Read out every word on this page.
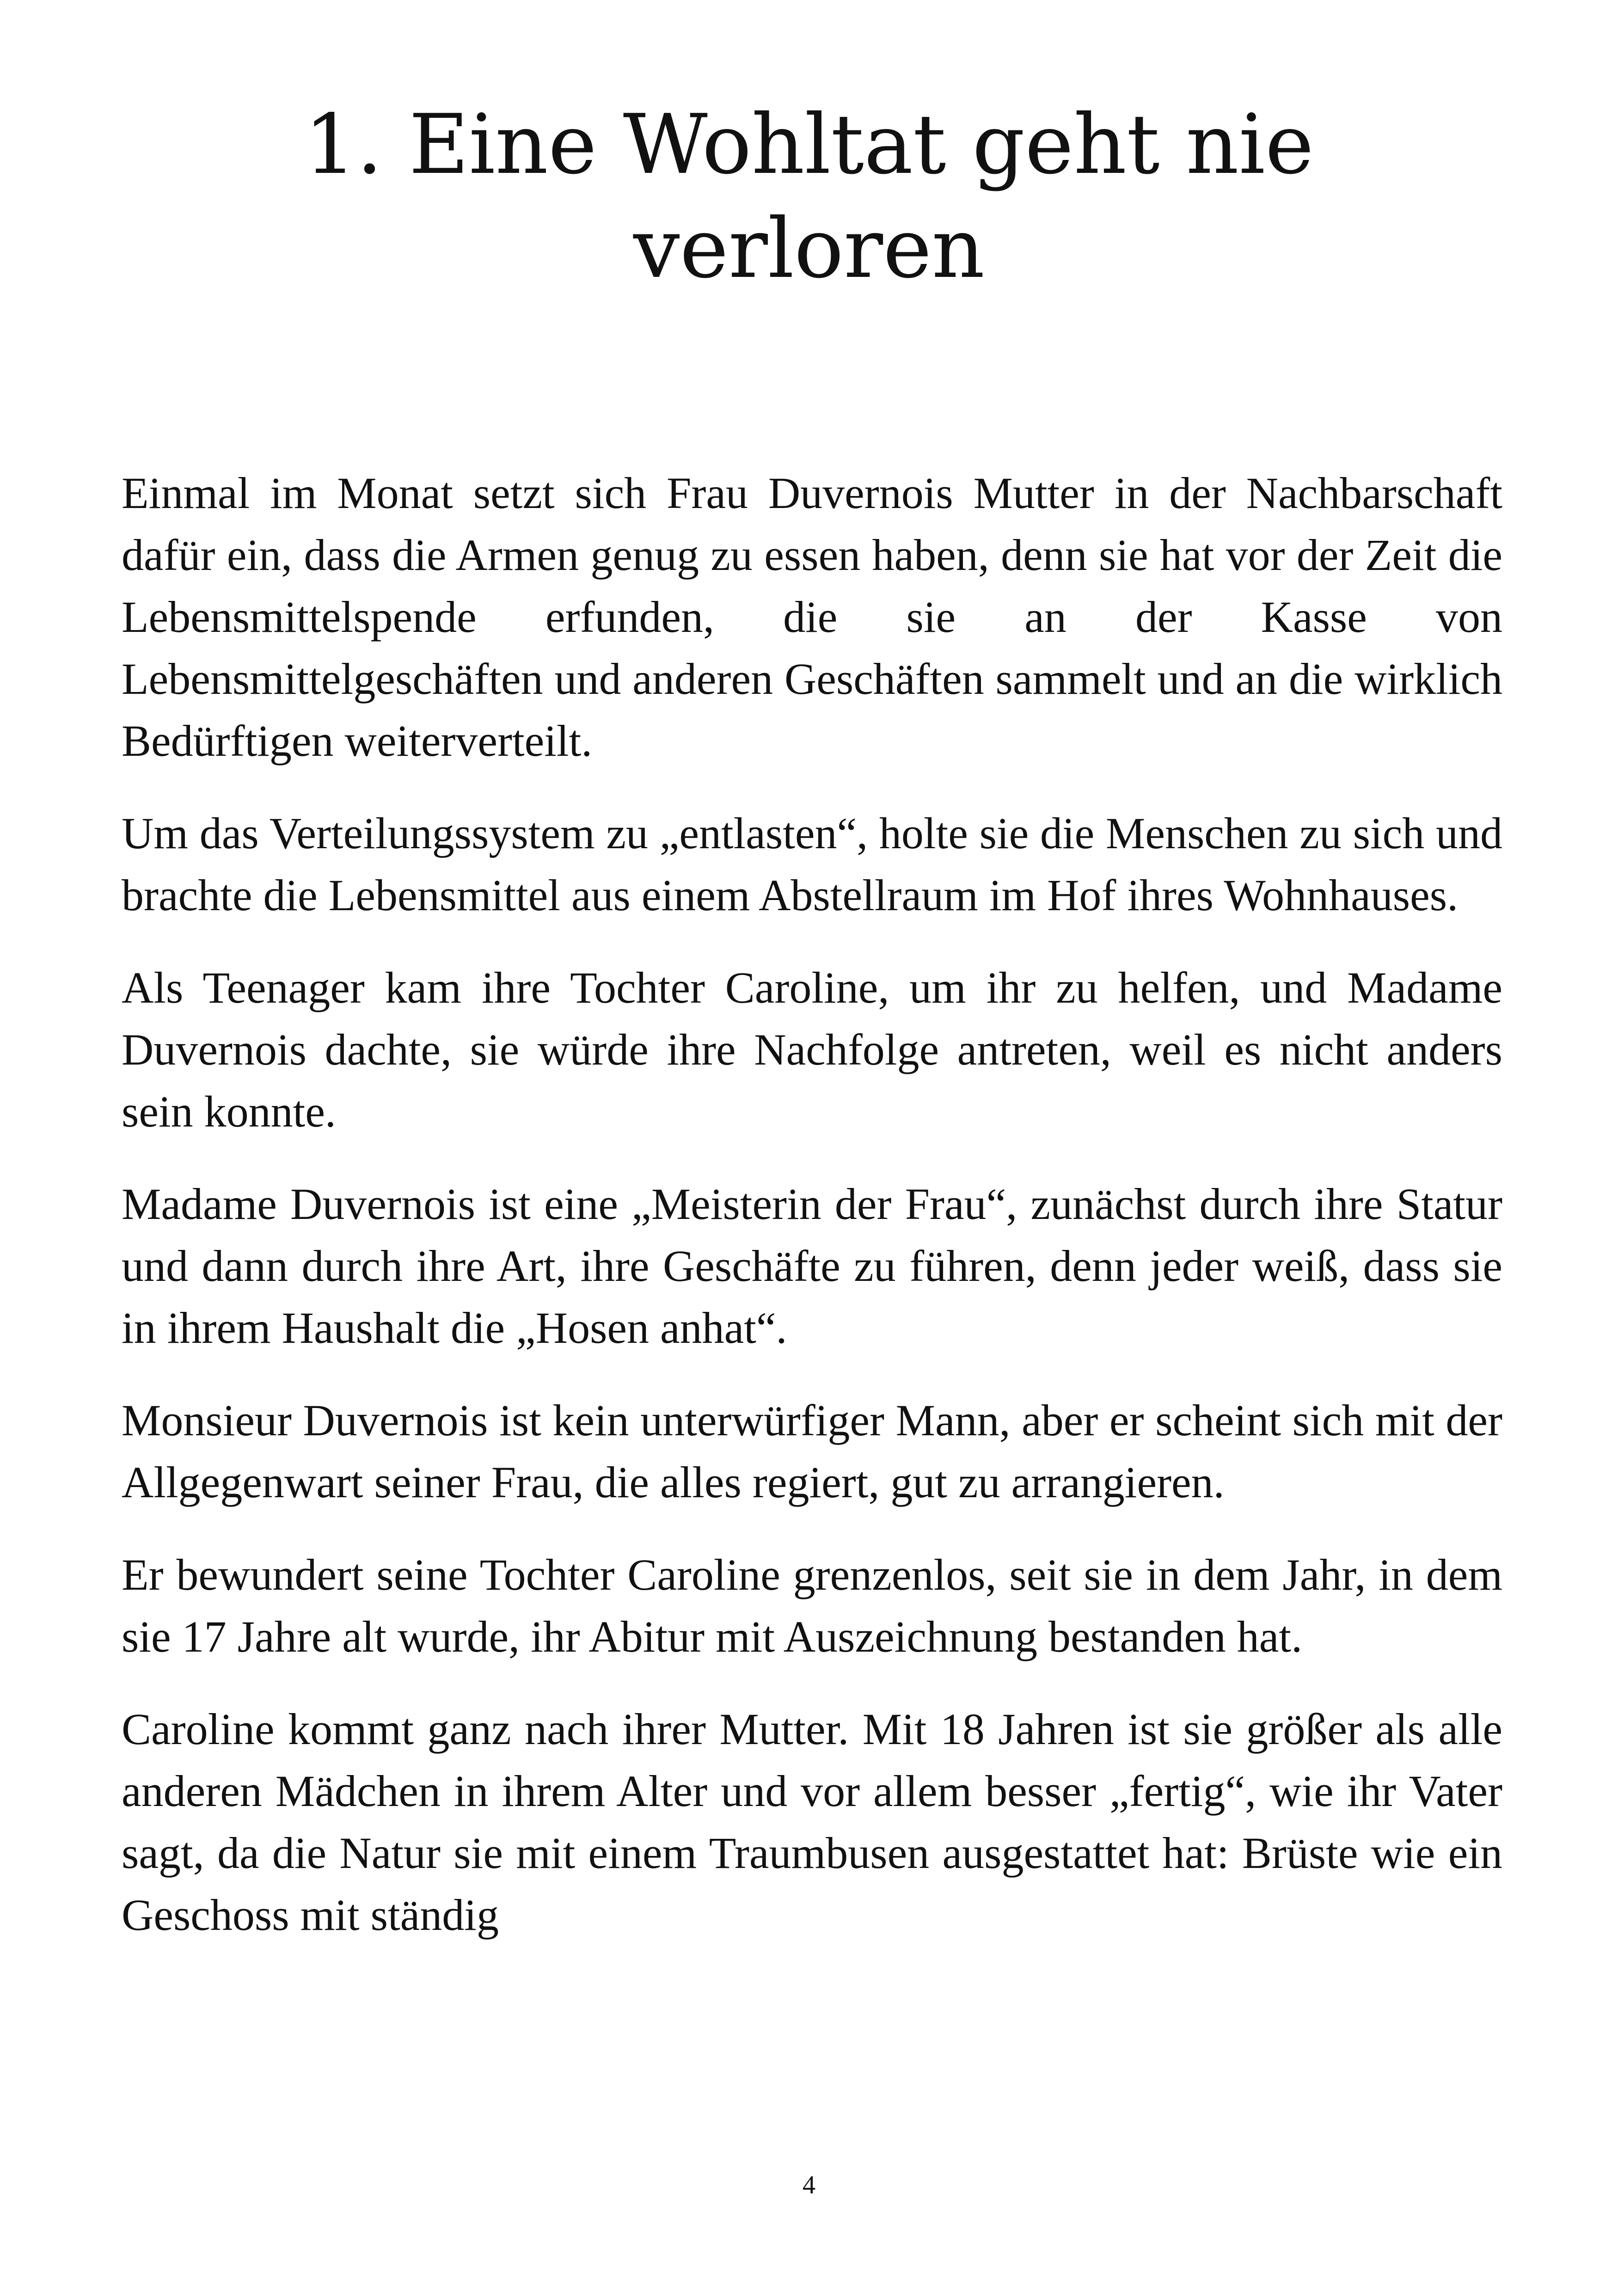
1. Eine Wohltat geht nie verloren

Einmal im Monat setzt sich Frau Duvernois Mutter in der Nachbarschaft dafür ein, dass die Armen genug zu essen haben, denn sie hat vor der Zeit die Lebensmittelspende erfunden, die sie an der Kasse von Lebensmittelgeschäften und anderen Geschäften sammelt und an die wirklich Bedürftigen weiterverteilt.

Um das Verteilungssystem zu „entlasten“, holte sie die Menschen zu sich und brachte die Lebensmittel aus einem Abstellraum im Hof ihres Wohnhauses.

Als Teenager kam ihre Tochter Caroline, um ihr zu helfen, und Madame Duvernois dachte, sie würde ihre Nachfolge antreten, weil es nicht anders sein konnte.

Madame Duvernois ist eine „Meisterin der Frau“, zunächst durch ihre Statur und dann durch ihre Art, ihre Geschäfte zu führen, denn jeder weiß, dass sie in ihrem Haushalt die „Hosen anhat“.

Monsieur Duvernois ist kein unterwürfiger Mann, aber er scheint sich mit der Allgegenwart seiner Frau, die alles regiert, gut zu arrangieren.

Er bewundert seine Tochter Caroline grenzenlos, seit sie in dem Jahr, in dem sie 17 Jahre alt wurde, ihr Abitur mit Auszeichnung bestanden hat.

Caroline kommt ganz nach ihrer Mutter. Mit 18 Jahren ist sie größer als alle anderen Mädchen in ihrem Alter und vor allem besser „fertig“, wie ihr Vater sagt, da die Natur sie mit einem Traumbusen ausgestattet hat: Brüste wie ein Geschoss mit ständig

4
